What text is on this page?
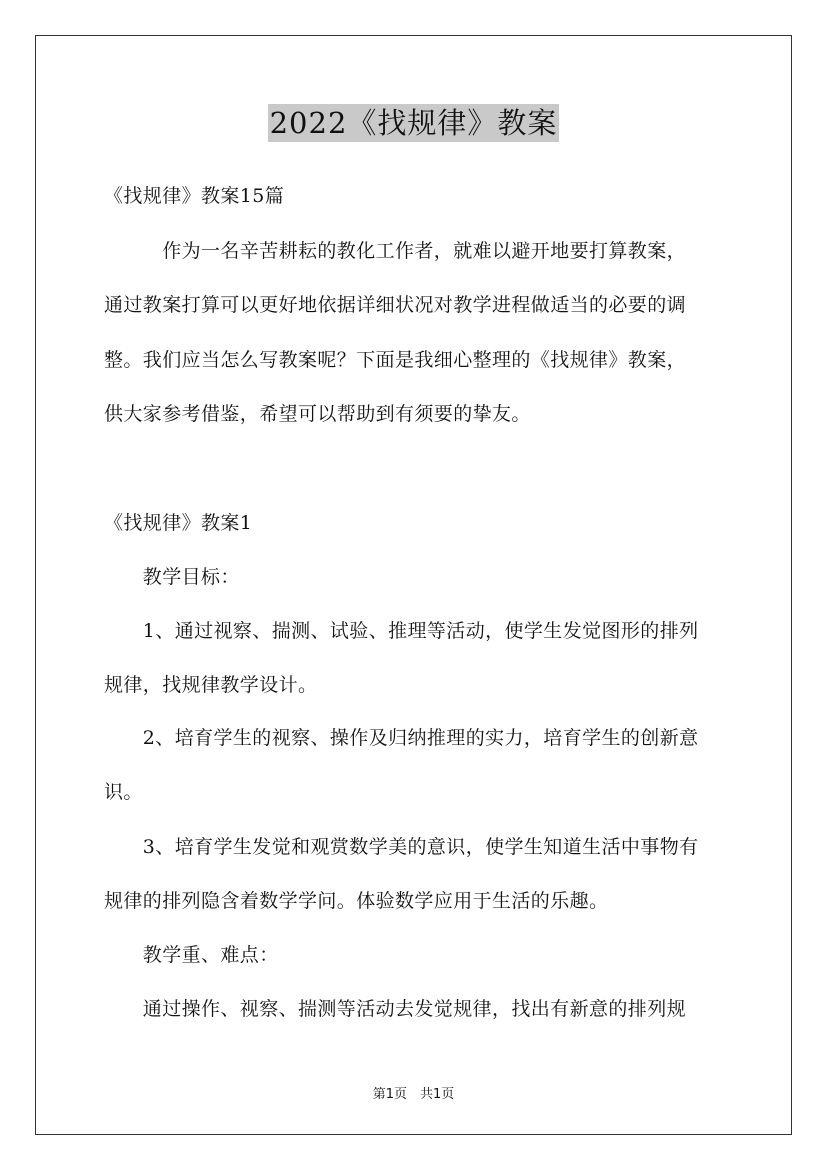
2022《找规律》教案
《找规律》教案15篇
　　　作为一名辛苦耕耘的教化工作者，就难以避开地要打算教案，
通过教案打算可以更好地依据详细状况对教学进程做适当的必要的调
整。我们应当怎么写教案呢？下面是我细心整理的《找规律》教案，
供大家参考借鉴，希望可以帮助到有须要的挚友。
《找规律》教案1
　　教学目标：
　　1、通过视察、揣测、试验、推理等活动，使学生发觉图形的排列
规律，找规律教学设计。
　　2、培育学生的视察、操作及归纳推理的实力，培育学生的创新意
识。
　　3、培育学生发觉和观赏数学美的意识，使学生知道生活中事物有
规律的排列隐含着数学学问。体验数学应用于生活的乐趣。
　　教学重、难点：
　　通过操作、视察、揣测等活动去发觉规律，找出有新意的排列规
第1页　共1页
